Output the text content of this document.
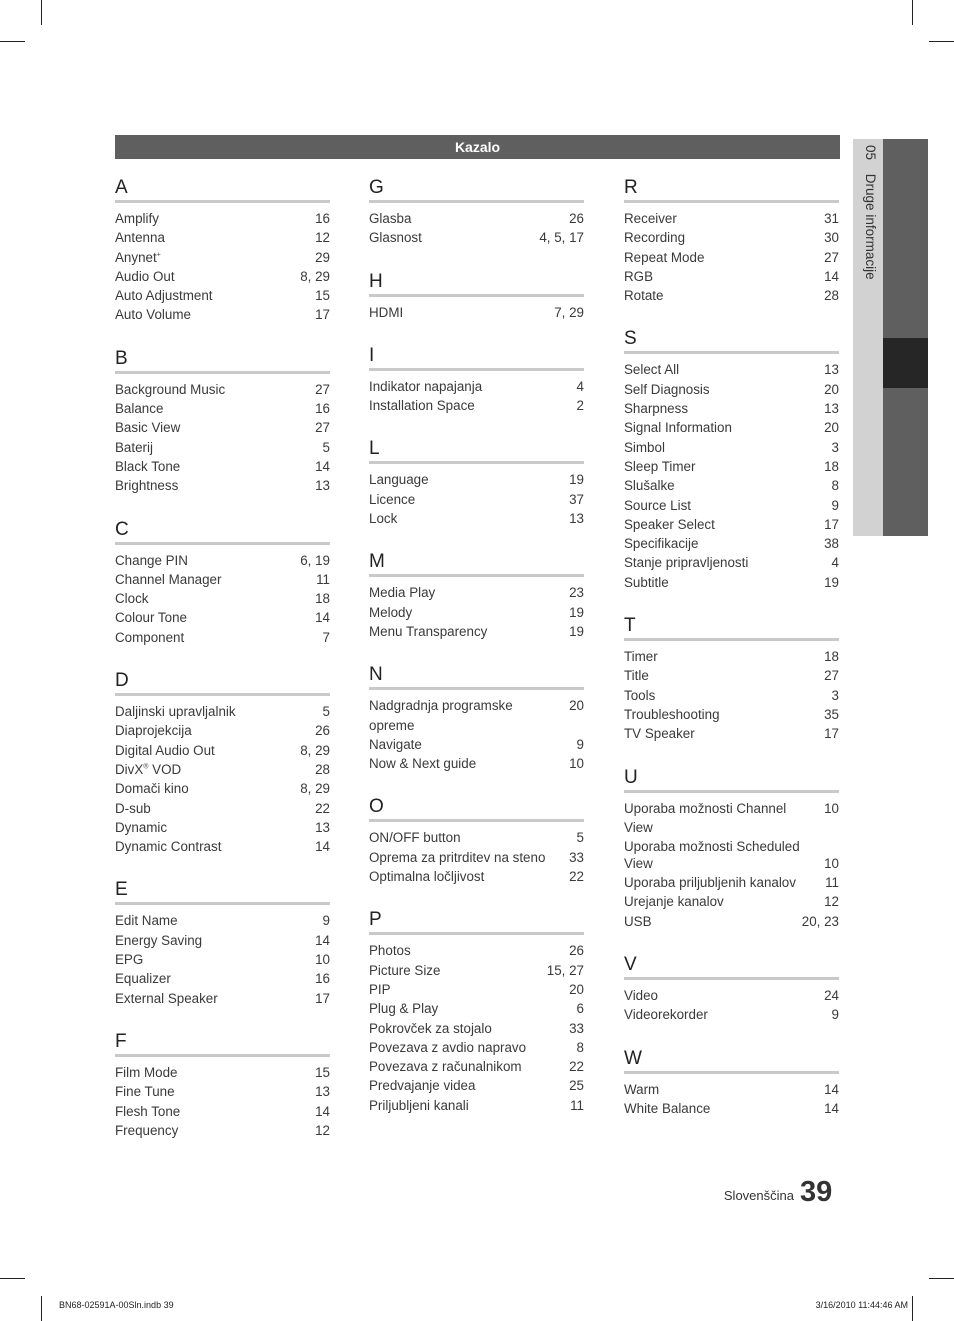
Kazalo
A
Amplify	16
Antenna	12
Anynet+	29
Audio Out	8, 29
Auto Adjustment	15
Auto Volume	17
B
Background Music	27
Balance	16
Basic View	27
Baterij	5
Black Tone	14
Brightness	13
C
Change PIN	6, 19
Channel Manager	11
Clock	18
Colour Tone	14
Component	7
D
Daljinski upravljalnik	5
Diaprojekcija	26
Digital Audio Out	8, 29
DivX® VOD	28
Domači kino	8, 29
D-sub	22
Dynamic	13
Dynamic Contrast	14
E
Edit Name	9
Energy Saving	14
EPG	10
Equalizer	16
External Speaker	17
F
Film Mode	15
Fine Tune	13
Flesh Tone	14
Frequency	12
G
Glasba	26
Glasnost	4, 5, 17
H
HDMI	7, 29
I
Indikator napajanja	4
Installation Space	2
L
Language	19
Licence	37
Lock	13
M
Media Play	23
Melody	19
Menu Transparency	19
N
Nadgradnja programske opreme
20
Navigate	9
Now & Next guide	10
O
ON/OFF button	5
Oprema za pritrditev na steno	33
Optimalna ločljivost	22
P
Photos	26
Picture Size	15, 27
PIP	20
Plug & Play	6
Pokrovček za stojalo	33
Povezava z avdio napravo	8
Povezava z računalnikom	22
Predvajanje videa	25
Priljubljeni kanali	11
R
Receiver	31
Recording	30
Repeat Mode	27
RGB	14
Rotate	28
S
Select All	13
Self Diagnosis	20
Sharpness	13
Signal Information	20
Simbol	3
Sleep Timer	18
Slušalke	8
Source List	9
Speaker Select	17
Specifikacije	38
Stanje pripravljenosti	4
Subtitle	19
T
Timer	18
Title	27
Tools	3
Troubleshooting	35
TV Speaker	17
U
Uporaba možnosti Channel View
10
Uporaba možnosti Scheduled View	10
Uporaba priljubljenih kanalov	11
Urejanje kanalov	12
USB	20, 23
V
Video	24
Videorekorder	9
W
Warm	14
White Balance	14
05 Druge informacije
Slovenščina 39
BN68-02591A-00Sln.indb 39	3/16/2010 11:44:46 AM
